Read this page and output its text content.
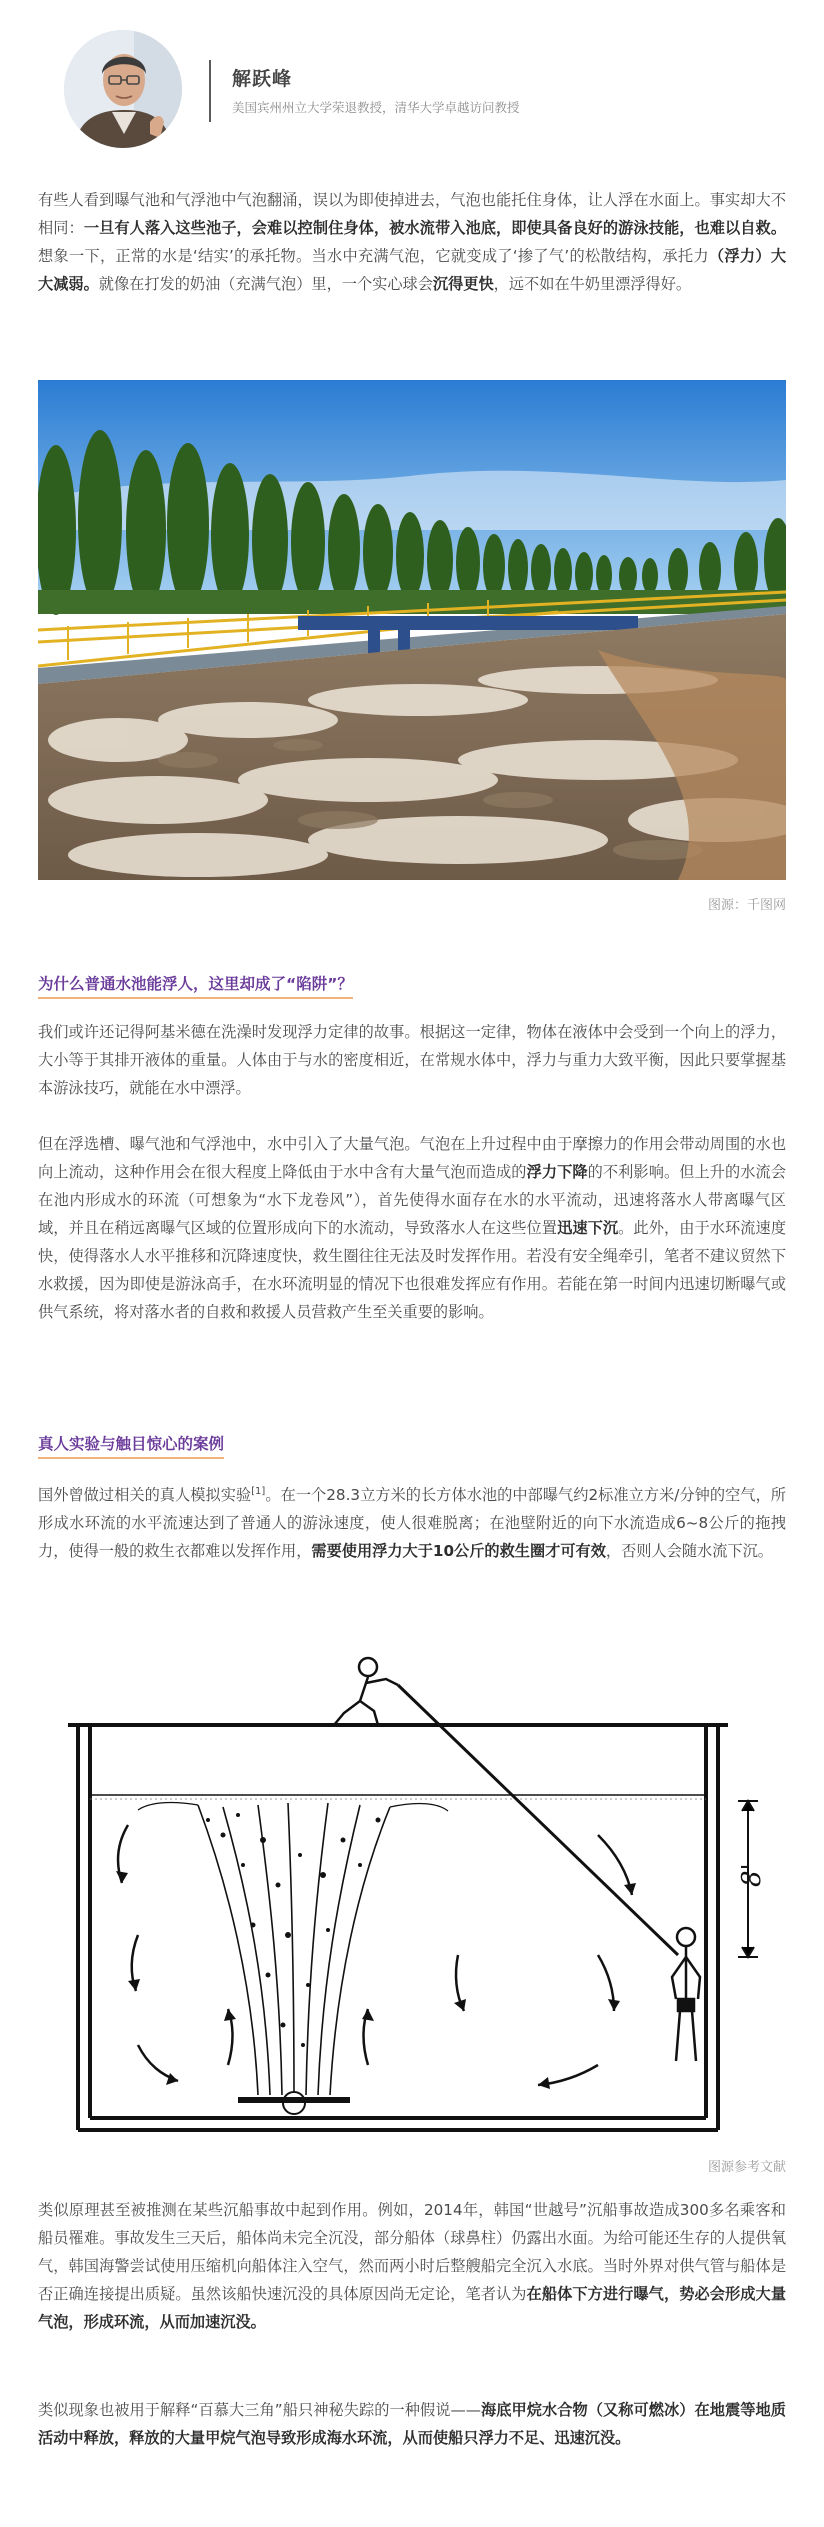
解跃峰
美国宾州州立大学荣退教授，清华大学卓越访问教授

有些人看到曝气池和气浮池中气泡翻涌，误以为即使掉进去，气泡也能托住身体，让人浮在水面上。事实却大不相同：一旦有人落入这些池子，会难以控制住身体，被水流带入池底，即使具备良好的游泳技能，也难以自救。想象一下，正常的水是‘结实’的承托物。当水中充满气泡，它就变成了‘掺了气’的松散结构，承托力（浮力）大大减弱。就像在打发的奶油（充满气泡）里，一个实心球会沉得更快，远不如在牛奶里漂浮得好。

图源：千图网
为什么普通水池能浮人，这里却成了“陷阱”？

我们或许还记得阿基米德在洗澡时发现浮力定律的故事。根据这一定律，物体在液体中会受到一个向上的浮力，大小等于其排开液体的重量。人体由于与水的密度相近，在常规水体中，浮力与重力大致平衡，因此只要掌握基本游泳技巧，就能在水中漂浮。

但在浮选槽、曝气池和气浮池中，水中引入了大量气泡。气泡在上升过程中由于摩擦力的作用会带动周围的水也向上流动，这种作用会在很大程度上降低由于水中含有大量气泡而造成的浮力下降的不利影响。但上升的水流会在池内形成水的环流（可想象为“水下龙卷风”），首先使得水面存在水的水平流动，迅速将落水人带离曝气区域，并且在稍远离曝气区域的位置形成向下的水流动，导致落水人在这些位置迅速下沉。此外，由于水环流速度快，使得落水人水平推移和沉降速度快，救生圈往往无法及时发挥作用。若没有安全绳牵引，笔者不建议贸然下水救援，因为即使是游泳高手，在水环流明显的情况下也很难发挥应有作用。若能在第一时间内迅速切断曝气或供气系统，将对落水者的自救和救援人员营救产生至关重要的影响。

真人实验与触目惊心的案例

国外曾做过相关的真人模拟实验[1]。在一个28.3立方米的长方体水池的中部曝气约2标准立方米/分钟的空气，所形成水环流的水平流速达到了普通人的游泳速度，使人很难脱离；在池壁附近的向下水流造成6~8公斤的拖拽力，使得一般的救生衣都难以发挥作用，需要使用浮力大于10公斤的救生圈才可有效，否则人会随水流下沉。

8'
图源参考文献

类似原理甚至被推测在某些沉船事故中起到作用。例如，2014年，韩国“世越号”沉船事故造成300多名乘客和船员罹难。事故发生三天后，船体尚未完全沉没，部分船体（球鼻柱）仍露出水面。为给可能还生存的人提供氧气，韩国海警尝试使用压缩机向船体注入空气，然而两小时后整艘船完全沉入水底。当时外界对供气管与船体是否正确连接提出质疑。虽然该船快速沉没的具体原因尚无定论，笔者认为在船体下方进行曝气，势必会形成大量气泡，形成环流，从而加速沉没。

类似现象也被用于解释“百慕大三角”船只神秘失踪的一种假说——海底甲烷水合物（又称可燃冰）在地震等地质活动中释放，释放的大量甲烷气泡导致形成海水环流，从而使船只浮力不足、迅速沉没。
